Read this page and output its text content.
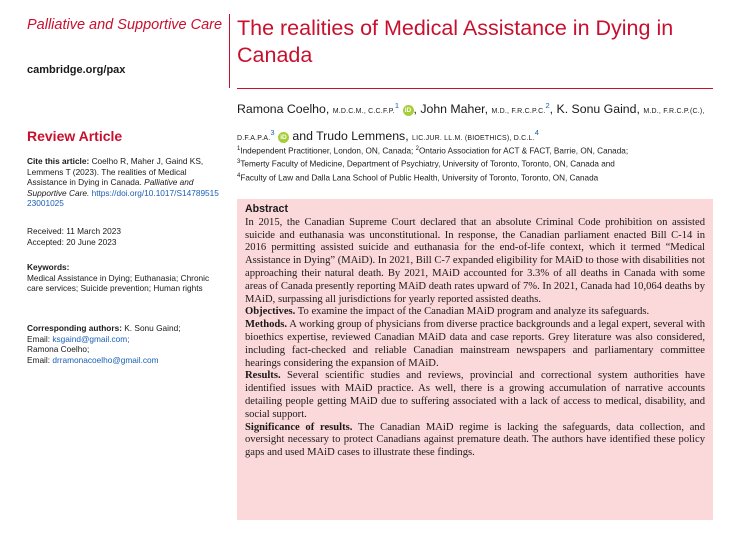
Palliative and Supportive Care
cambridge.org/pax
Review Article
Cite this article: Coelho R, Maher J, Gaind KS, Lemmens T (2023). The realities of Medical Assistance in Dying in Canada. Palliative and Supportive Care. https://doi.org/10.1017/S1478951523001025
Received: 11 March 2023
Accepted: 20 June 2023
Keywords:
Medical Assistance in Dying; Euthanasia; Chronic care services; Suicide prevention; Human rights
Corresponding authors: K. Sonu Gaind;
Email: ksgaind@gmail.com;
Ramona Coelho;
Email: drramonacoelho@gmail.com
The realities of Medical Assistance in Dying in Canada
Ramona Coelho, M.D.C.M., C.C.F.P.$^1$ iD , John Maher, M.D., F.R.C.P.C.$^2$, K. Sonu Gaind, M.D., F.R.C.P.(C.), D.F.A.P.A.$^3$ iD and Trudo Lemmens, LIC.JUR. LL.M. (BIOETHICS), D.C.L.$^4$
$^1$Independent Practitioner, London, ON, Canada; $^2$Ontario Association for ACT & FACT, Barrie, ON, Canada;
$^3$Temerty Faculty of Medicine, Department of Psychiatry, University of Toronto, Toronto, ON, Canada and
$^4$Faculty of Law and Dalla Lana School of Public Health, University of Toronto, Toronto, ON, Canada
Abstract

In 2015, the Canadian Supreme Court declared that an absolute Criminal Code prohibition on assisted suicide and euthanasia was unconstitutional. In response, the Canadian parliament enacted Bill C-14 in 2016 permitting assisted suicide and euthanasia for the end-of-life context, which it termed “Medical Assistance in Dying” (MAiD). In 2021, Bill C-7 expanded eligibility for MAiD to those with disabilities not approaching their natural death. By 2021, MAiD accounted for 3.3% of all deaths in Canada with some areas of Canada presently reporting MAiD death rates upward of 7%. In 2021, Canada had 10,064 deaths by MAiD, surpassing all jurisdictions for yearly reported assisted deaths.

Objectives. To examine the impact of the Canadian MAiD program and analyze its safeguards.

Methods. A working group of physicians from diverse practice backgrounds and a legal expert, several with bioethics expertise, reviewed Canadian MAiD data and case reports. Grey literature was also considered, including fact-checked and reliable Canadian mainstream newspapers and parliamentary committee hearings considering the expansion of MAiD.

Results. Several scientific studies and reviews, provincial and correctional system authorities have identified issues with MAiD practice. As well, there is a growing accumulation of narrative accounts detailing people getting MAiD due to suffering associated with a lack of access to medical, disability, and social support.

Significance of results. The Canadian MAiD regime is lacking the safeguards, data collection, and oversight necessary to protect Canadians against premature death. The authors have identified these policy gaps and used MAiD cases to illustrate these findings.
